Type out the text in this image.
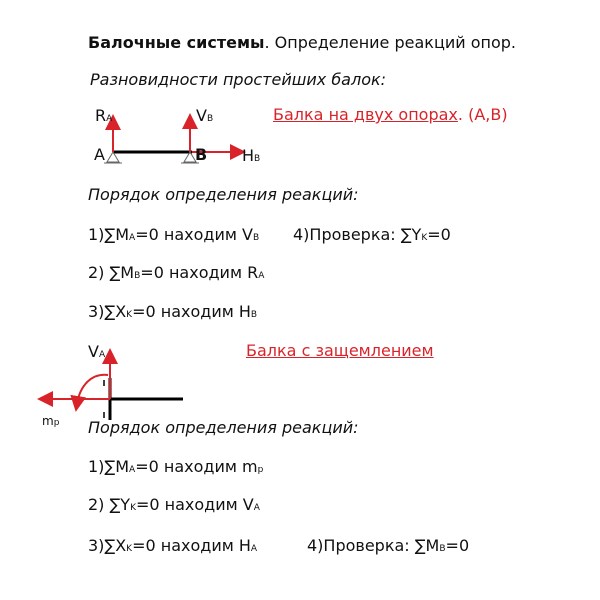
Балочные системы. Определение реакций опор.
Разновидности простейших балок:
RA	VB
A	B HB
Балка на двух опорах. (A,B)
Порядок определения реакций:
1)∑MA=0 находим VB 4)Проверка: ∑YK=0
2) ∑MB=0 находим RA
3)∑XK=0 находим HB
VA	Балка с защемлением
mp Порядок определения реакций:
1)∑MA=0 находим mp
2) ∑YK=0 находим VA
3)∑XK=0 находим HA	4)Проверка: ∑MB=0
